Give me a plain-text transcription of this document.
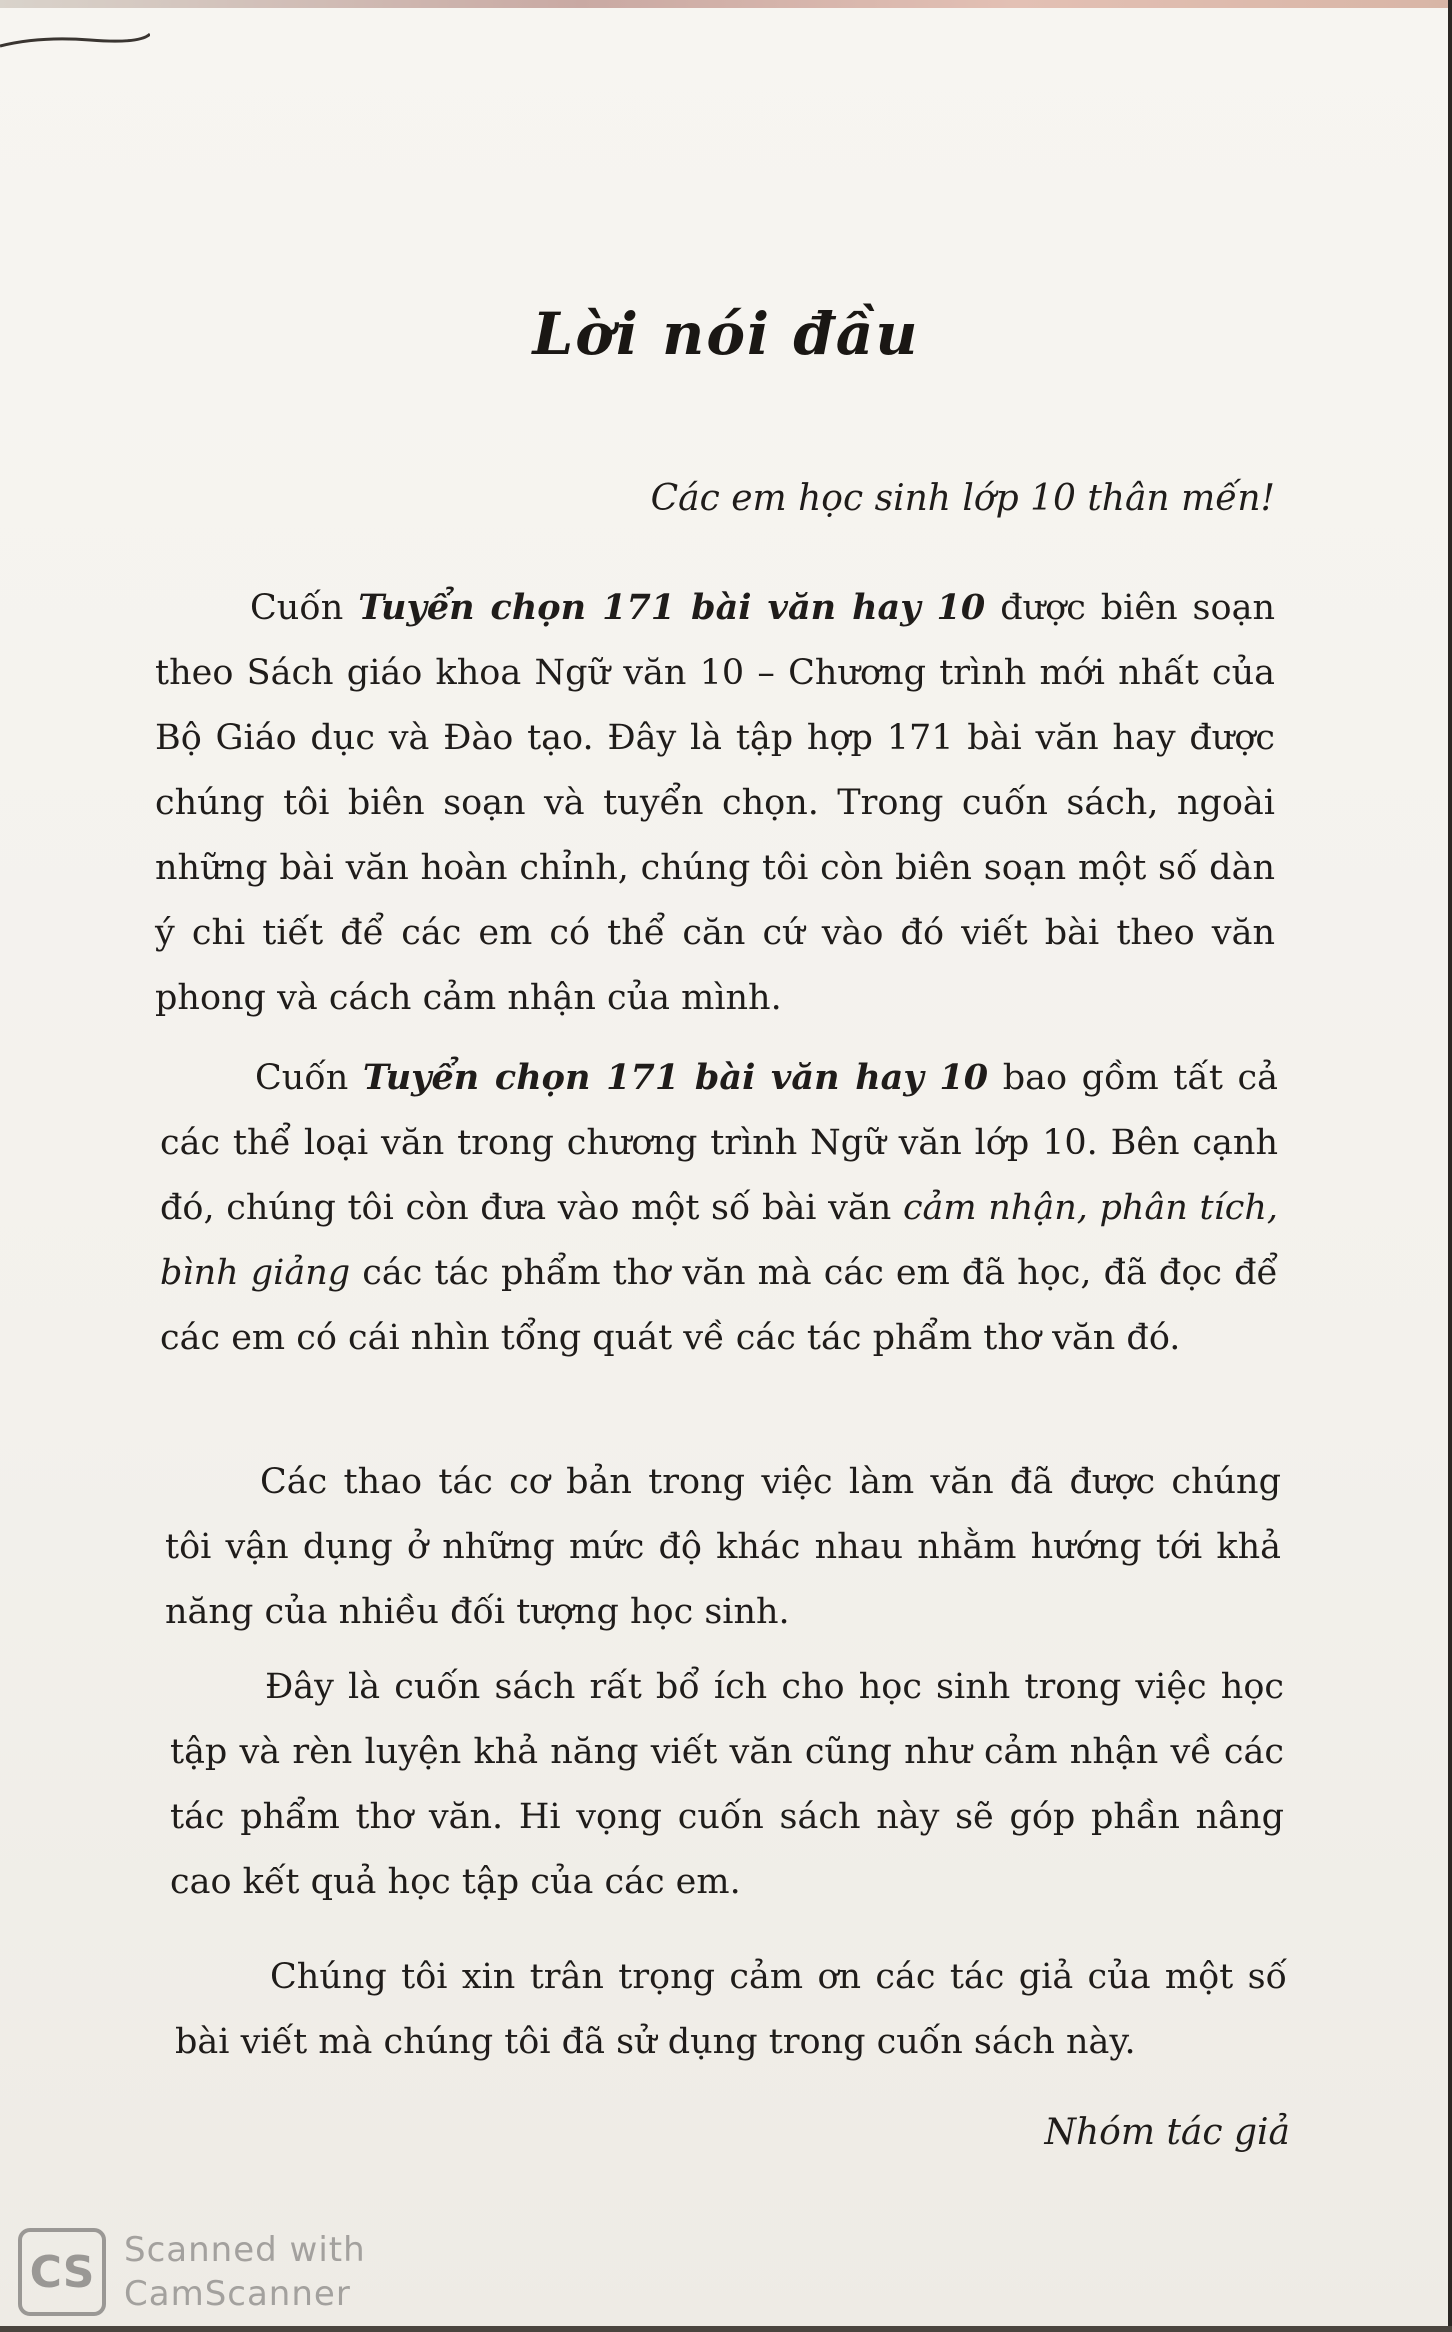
Lời nói đầu
Các em học sinh lớp 10 thân mến!
Cuốn Tuyển chọn 171 bài văn hay 10 được biên soạn theo Sách giáo khoa Ngữ văn 10 – Chương trình mới nhất của Bộ Giáo dục và Đào tạo. Đây là tập hợp 171 bài văn hay được chúng tôi biên soạn và tuyển chọn. Trong cuốn sách, ngoài những bài văn hoàn chỉnh, chúng tôi còn biên soạn một số dàn ý chi tiết để các em có thể căn cứ vào đó viết bài theo văn phong và cách cảm nhận của mình.
Cuốn Tuyển chọn 171 bài văn hay 10 bao gồm tất cả các thể loại văn trong chương trình Ngữ văn lớp 10. Bên cạnh đó, chúng tôi còn đưa vào một số bài văn cảm nhận, phân tích, bình giảng các tác phẩm thơ văn mà các em đã học, đã đọc để các em có cái nhìn tổng quát về các tác phẩm thơ văn đó.
Các thao tác cơ bản trong việc làm văn đã được chúng tôi vận dụng ở những mức độ khác nhau nhằm hướng tới khả năng của nhiều đối tượng học sinh.
Đây là cuốn sách rất bổ ích cho học sinh trong việc học tập và rèn luyện khả năng viết văn cũng như cảm nhận về các tác phẩm thơ văn. Hi vọng cuốn sách này sẽ góp phần nâng cao kết quả học tập của các em.
Chúng tôi xin trân trọng cảm ơn các tác giả của một số bài viết mà chúng tôi đã sử dụng trong cuốn sách này.
Nhóm tác giả
CS Scanned with
CamScanner
